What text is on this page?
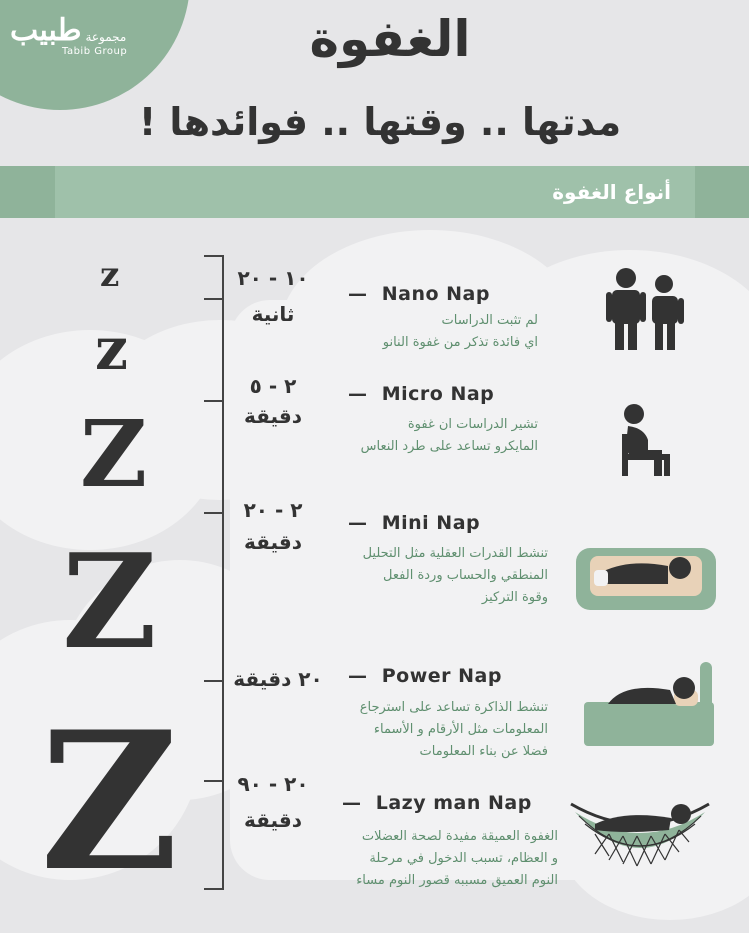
طبيب مجموعة
Tabib Group	الغفوة
مدتها .. وقتها .. فوائدها !
أنواع الغفوة
z
z
Z
Z
Z
١٠ - ٢٠
ثانية
٢ - ٥
دقيقة
٢ - ٢٠
دقيقة
٢٠ دقيقة
٢٠ - ٩٠
دقيقة
—  Nano Nap
—  Micro Nap
—  Mini Nap
—  Power Nap
—  Lazy man Nap
لم تثبت الدراسات
اي فائدة تذكر من غفوة النانو
تشير الدراسات ان غفوة
المايكرو تساعد على طرد النعاس
تنشط القدرات العقلية مثل التحليل
المنطقي والحساب وردة الفعل
وقوة التركيز
تنشط الذاكرة تساعد على استرجاع
المعلومات مثل الأرقام و الأسماء
فضلا عن بناء المعلومات
الغفوة العميقة مفيدة لصحة العضلات
و العظام، تسبب الدخول في مرحلة
النوم العميق مسببه قصور النوم مساء
